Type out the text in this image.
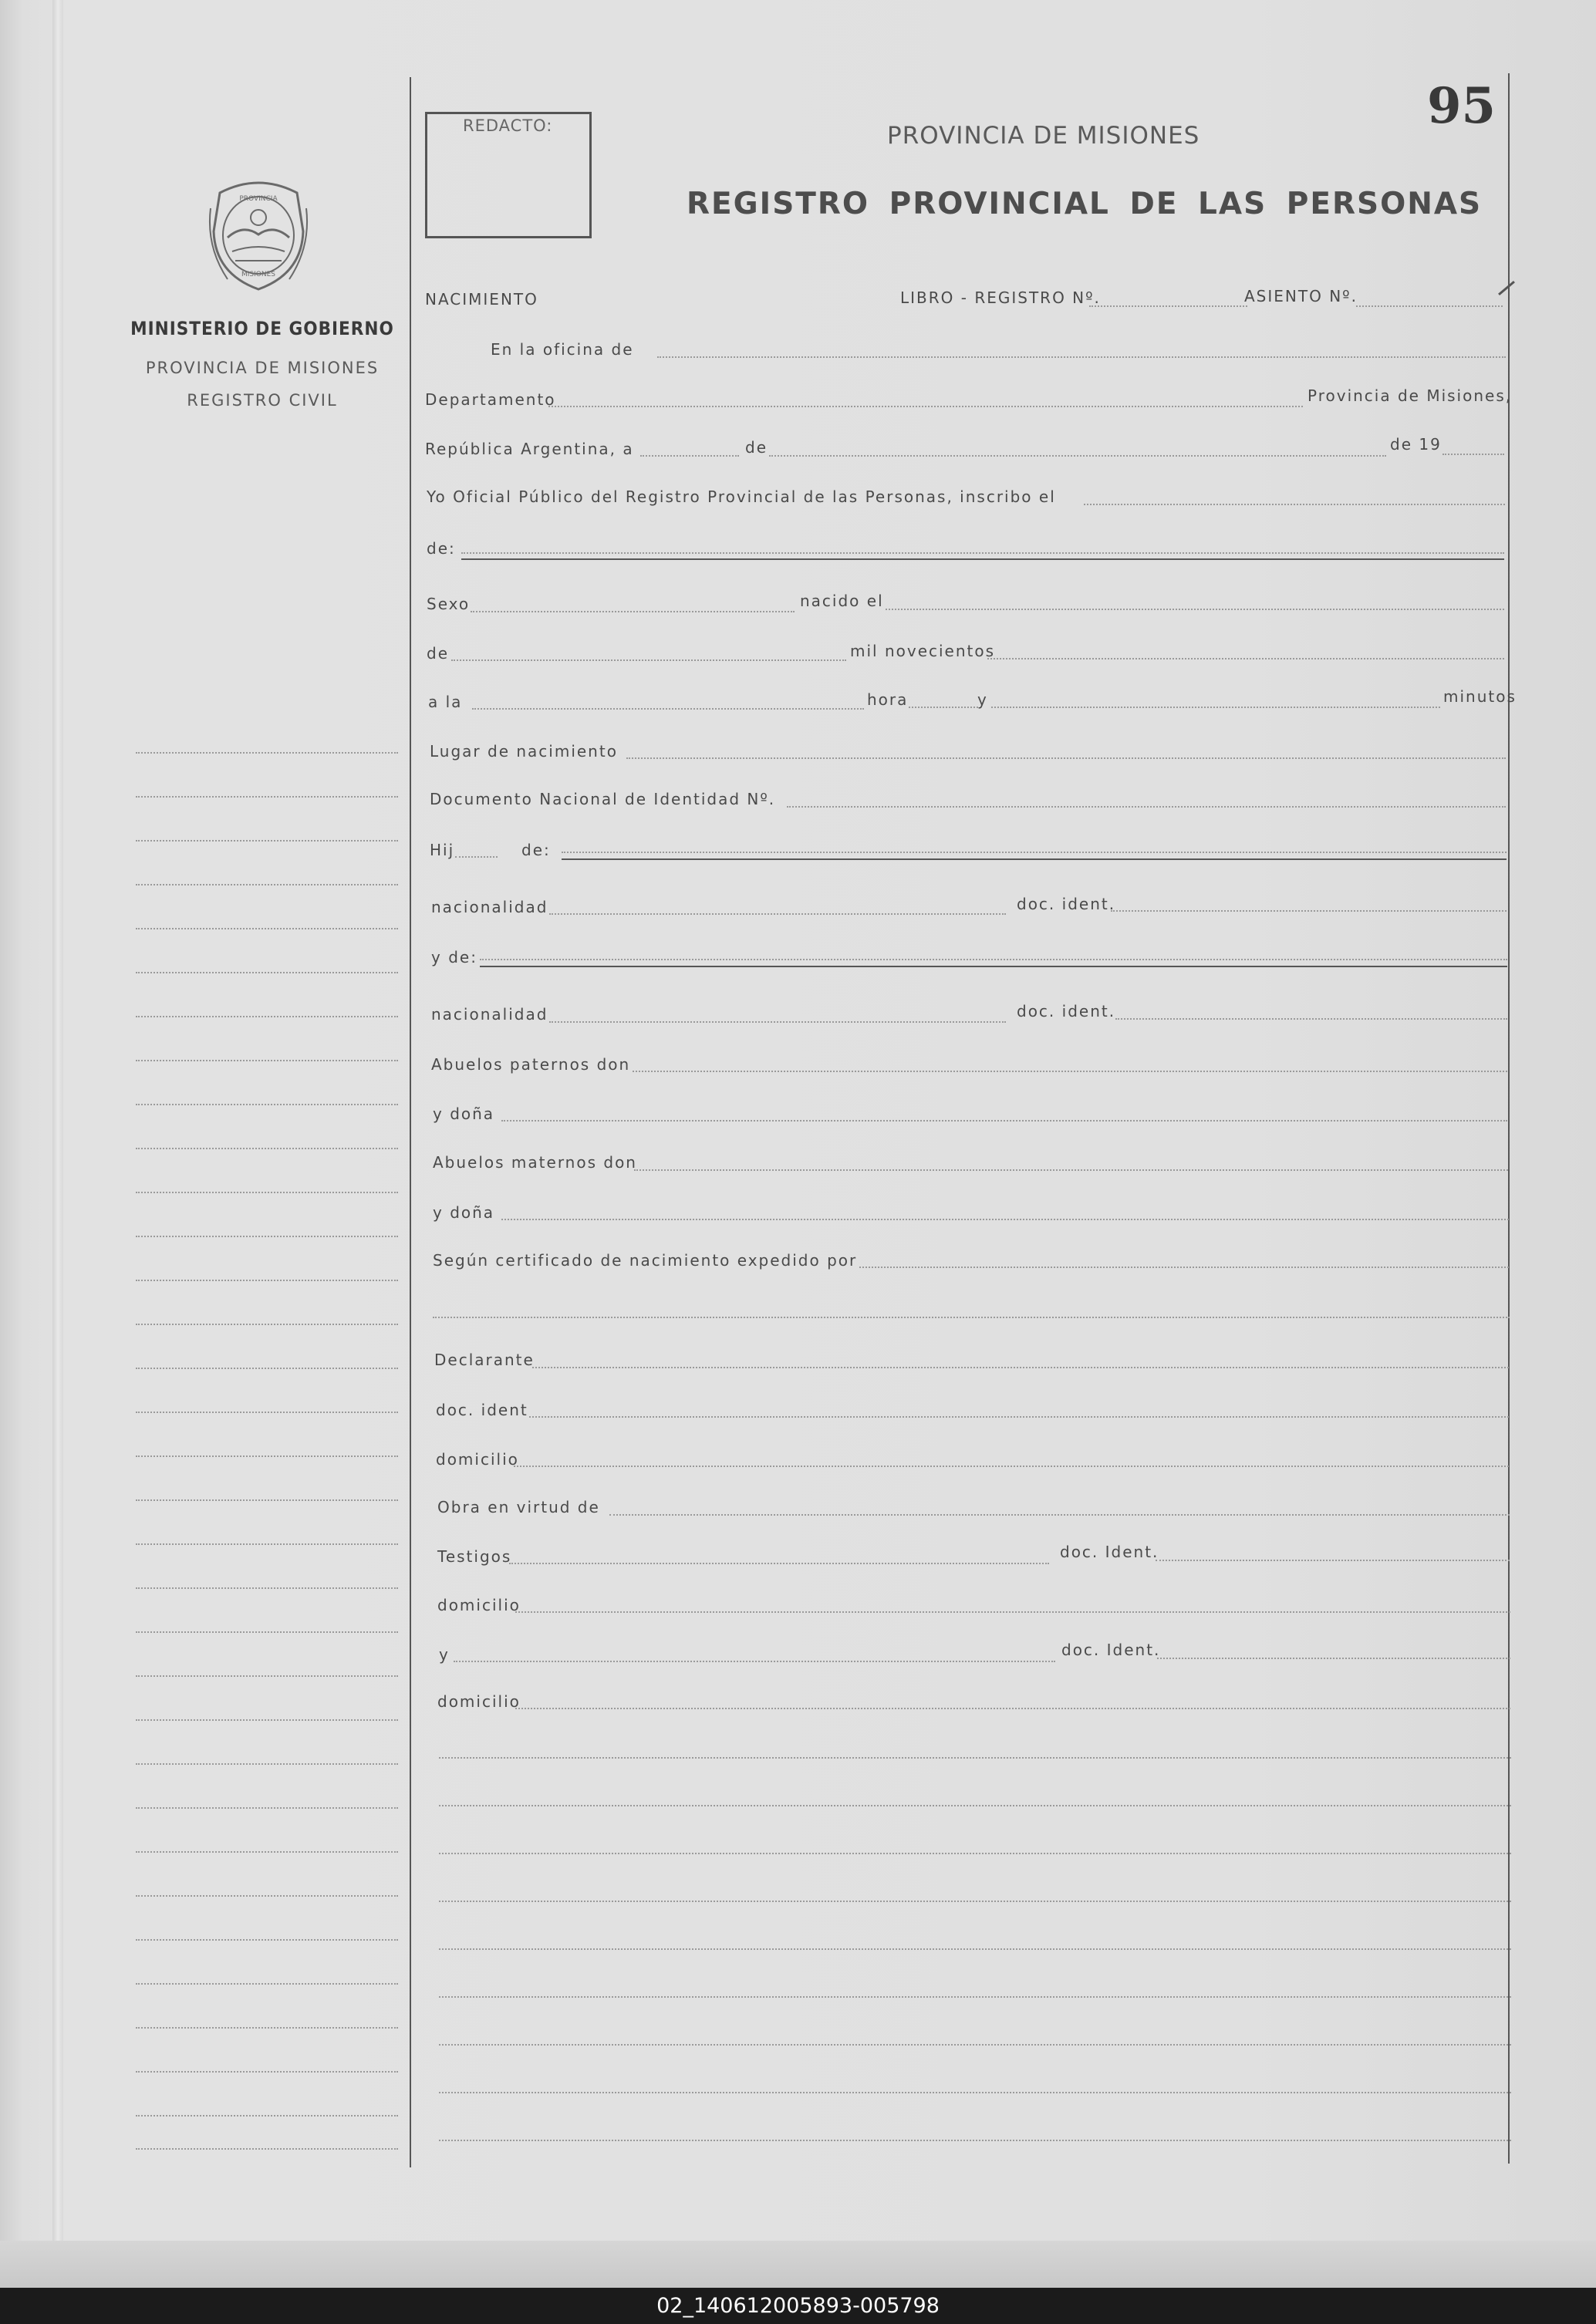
REDACTO:	95
PROVINCIA DE MISIONES
REGISTRO PROVINCIAL DE LAS PERSONAS
PROVINCIA
MISIONES
MINISTERIO DE GOBIERNO
PROVINCIA DE MISIONES
REGISTRO CIVIL
NACIMIENTO	LIBRO - REGISTRO Nº.	ASIENTO Nº.
En la oficina de
Departamento	Provincia de Misiones,
República Argentina, a	de	de 19
Yo Oficial Público del Registro Provincial de las Personas, inscribo el
de:
Sexo	nacido el
de	mil novecientos
a la	hora	y	minutos
Lugar de nacimiento
Documento Nacional de Identidad Nº.
Hij	de:
nacionalidad	doc. ident.
y de:
nacionalidad	doc. ident.
Abuelos paternos don
y doña
Abuelos maternos don
y doña
Según certificado de nacimiento expedido por
Declarante
doc. ident
domicilio
Obra en virtud de
Testigos	doc. Ident.
domicilio
y	doc. Ident.
domicilio
02_140612005893-005798
